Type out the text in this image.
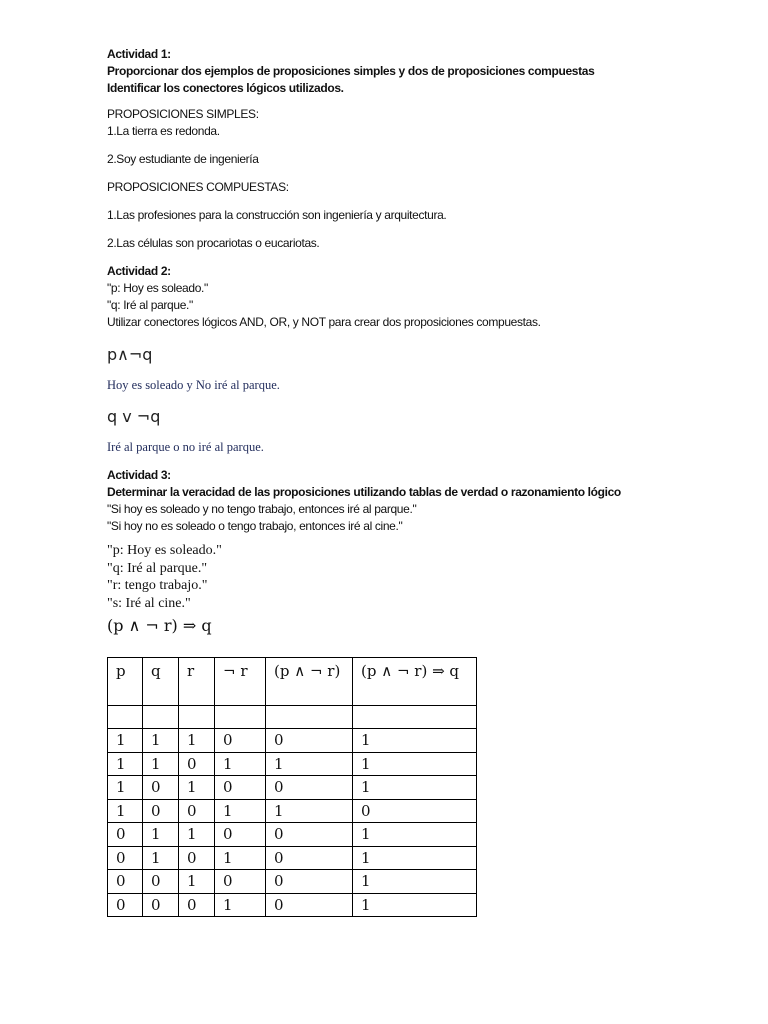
Actividad 1:

Proporcionar dos ejemplos de proposiciones simples y dos de proposiciones compuestas

Identificar los conectores lógicos utilizados.

PROPOSICIONES SIMPLES:

1.La tierra es redonda.

2.Soy estudiante de ingeniería

PROPOSICIONES COMPUESTAS:

1.Las profesiones para la construcción son ingeniería y arquitectura.

2.Las células son procariotas o eucariotas.

Actividad 2:

"p: Hoy es soleado."

"q: Iré al parque."

Utilizar conectores lógicos AND, OR, y NOT para crear dos proposiciones compuestas.

p∧¬q

Hoy es soleado y No iré al parque.

q v ¬q

Iré al parque o no iré al parque.

Actividad 3:

Determinar la veracidad de las proposiciones utilizando tablas de verdad o razonamiento lógico

"Si hoy es soleado y no tengo trabajo, entonces iré al parque."

"Si hoy no es soleado o tengo trabajo, entonces iré al cine."

"p: Hoy es soleado."

"q: Iré al parque."

"r: tengo trabajo."

"s: Iré al cine."

(p ∧ ¬ r) ⇒ q

p	q	r	¬ r	(p ∧ ¬ r)	(p ∧ ¬ r) ⇒ q

1	1	1	0	0	1
1	1	0	1	1	1
1	0	1	0	0	1
1	0	0	1	1	0
0	1	1	0	0	1
0	1	0	1	0	1
0	0	1	0	0	1
0	0	0	1	0	1
